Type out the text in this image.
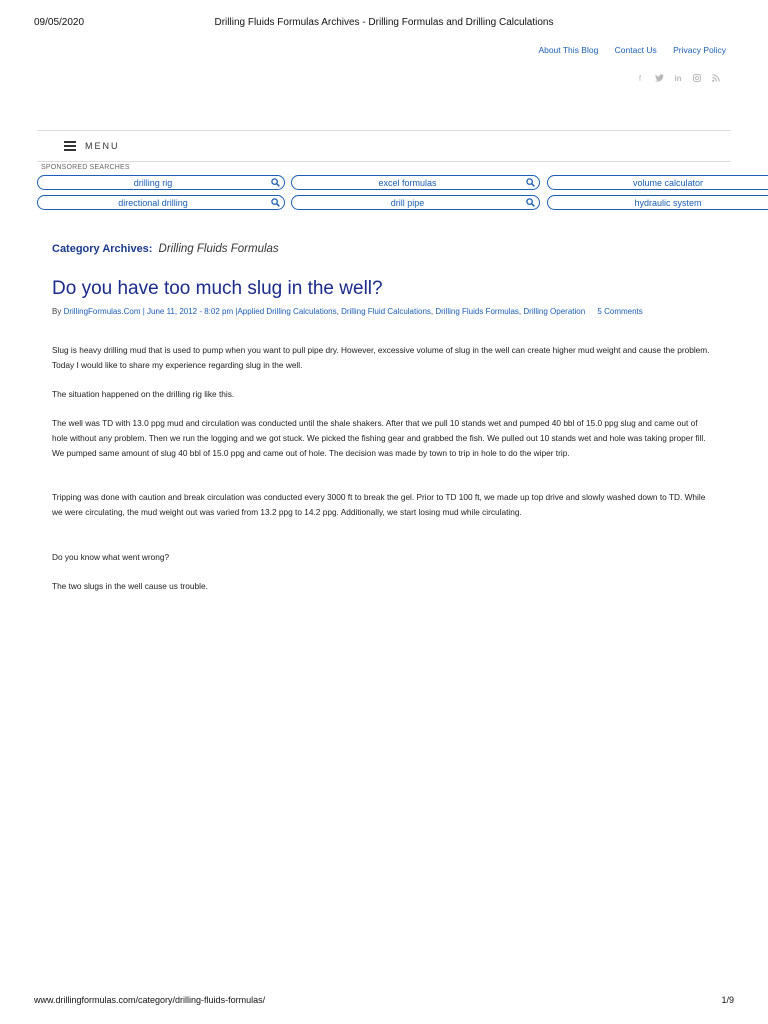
09/05/2020	Drilling Fluids Formulas Archives - Drilling Formulas and Drilling Calculations
About This Blog Contact Us Privacy Policy
f	in
MENU
SPONSORED SEARCHES
drilling rig	excel formulas	volume calculator
directional drilling	drill pipe	hydraulic system
Category Archives: Drilling Fluids Formulas
Do you have too much slug in the well?
By DrillingFormulas.Com | June 11, 2012 - 8:02 pm |Applied Drilling Calculations, Drilling Fluid Calculations, Drilling Fluids Formulas, Drilling Operation 5 Comments

Slug is heavy drilling mud that is used to pump when you want to pull pipe dry. However, excessive volume of slug in the well can create higher mud weight and cause the problem. Today I would like to share my experience regarding slug in the well.

The situation happened on the drilling rig like this.

The well was TD with 13.0 ppg mud and circulation was conducted until the shale shakers. After that we pull 10 stands wet and pumped 40 bbl of 15.0 ppg slug and came out of hole without any problem. Then we run the logging and we got stuck. We picked the fishing gear and grabbed the fish. We pulled out 10 stands wet and hole was taking proper fill. We pumped same amount of slug 40 bbl of 15.0 ppg and came out of hole. The decision was made by town to trip in hole to do the wiper trip.

Tripping was done with caution and break circulation was conducted every 3000 ft to break the gel. Prior to TD 100 ft, we made up top drive and slowly washed down to TD. While we were circulating, the mud weight out was varied from 13.2 ppg to 14.2 ppg. Additionally, we start losing mud while circulating.

Do you know what went wrong?

The two slugs in the well cause us trouble.

www.drillingformulas.com/category/drilling-fluids-formulas/	1/9
